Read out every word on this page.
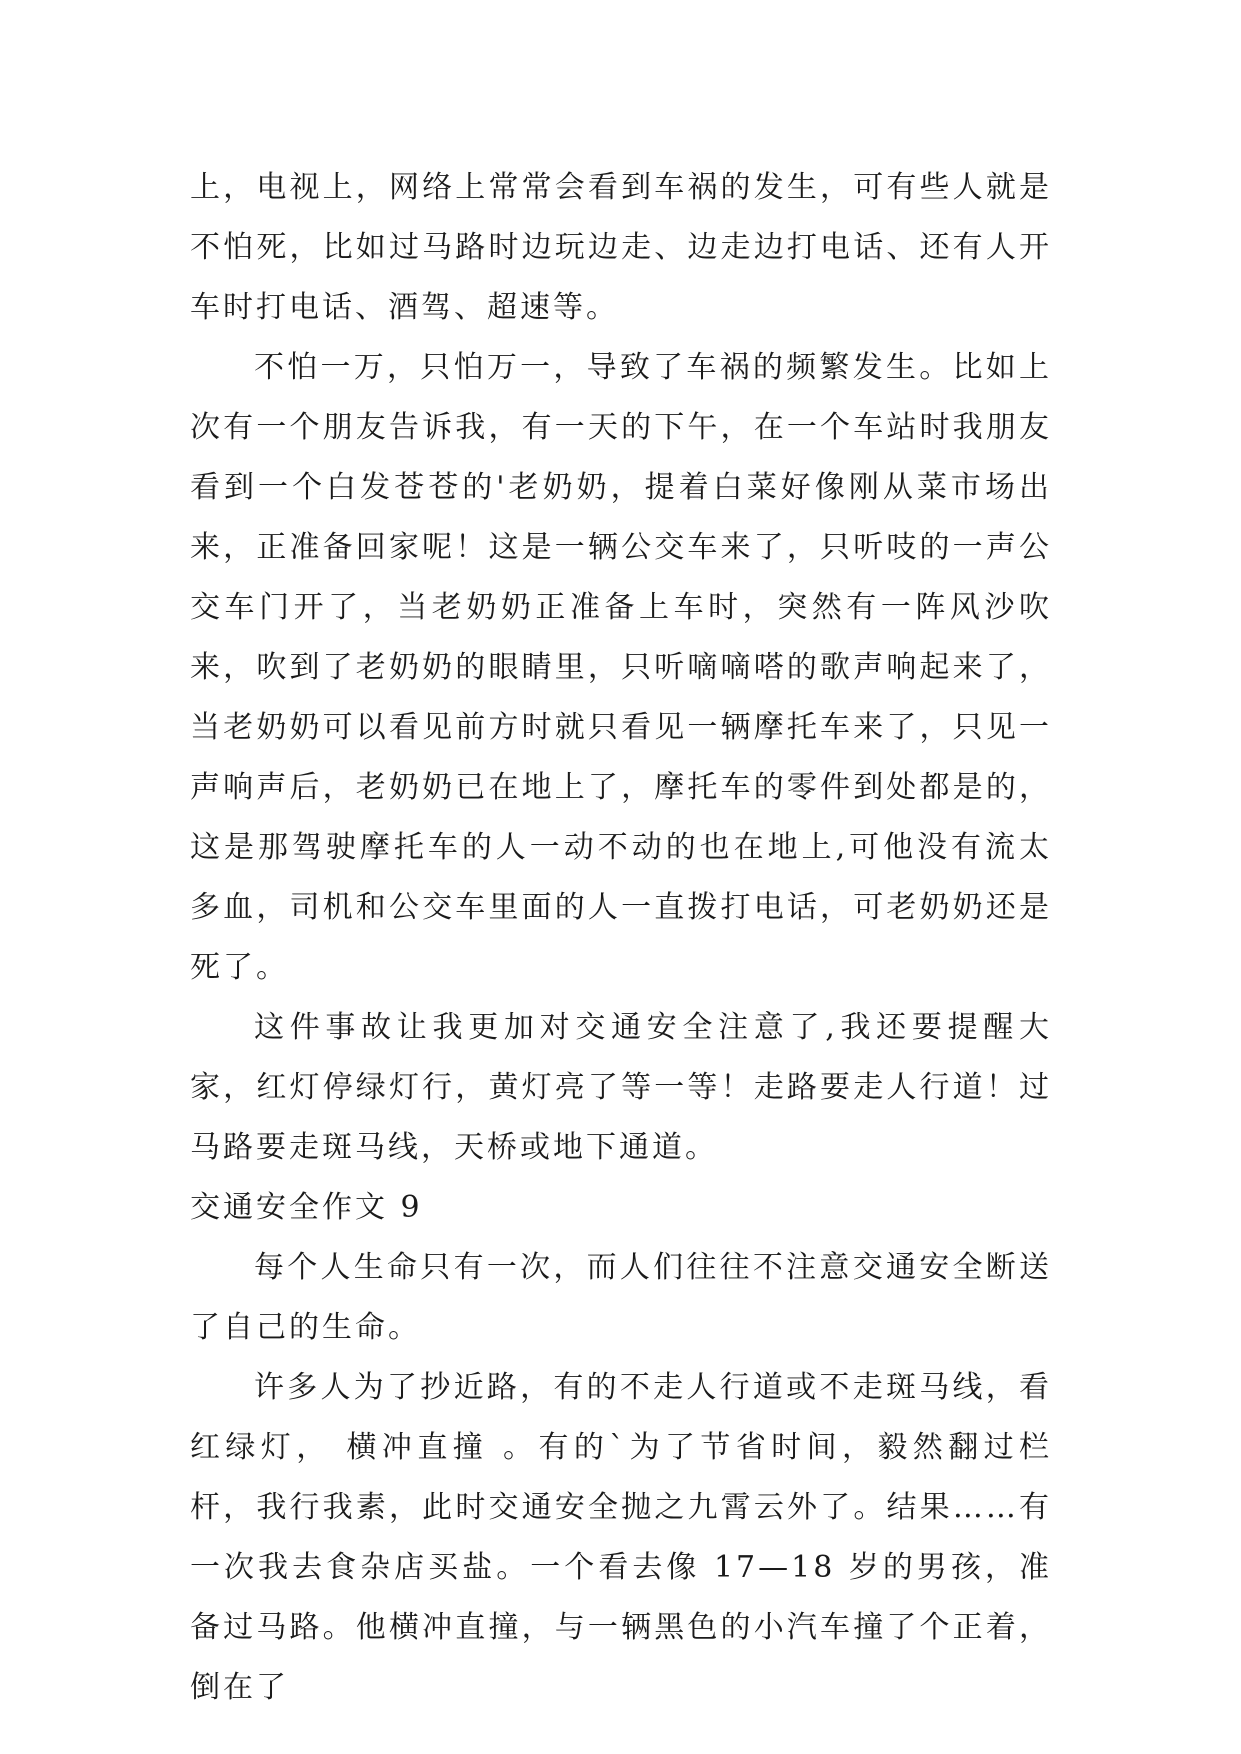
上，电视上，网络上常常会看到车祸的发生，可有些人就是不怕死，比如过马路时边玩边走、边走边打电话、还有人开车时打电话、酒驾、超速等。

不怕一万，只怕万一，导致了车祸的频繁发生。比如上次有一个朋友告诉我，有一天的下午，在一个车站时我朋友看到一个白发苍苍的'老奶奶，提着白菜好像刚从菜市场出来，正准备回家呢！这是一辆公交车来了，只听吱的一声公交车门开了，当老奶奶正准备上车时，突然有一阵风沙吹来，吹到了老奶奶的眼睛里，只听嘀嘀嗒的歌声响起来了，当老奶奶可以看见前方时就只看见一辆摩托车来了，只见一声响声后，老奶奶已在地上了，摩托车的零件到处都是的，这是那驾驶摩托车的人一动不动的也在地上,可他没有流太多血，司机和公交车里面的人一直拨打电话，可老奶奶还是死了。

这件事故让我更加对交通安全注意了,我还要提醒大家，红灯停绿灯行，黄灯亮了等一等！走路要走人行道！过马路要走斑马线，天桥或地下通道。

交通安全作文 9

每个人生命只有一次，而人们往往不注意交通安全断送了自己的生命。

许多人为了抄近路，有的不走人行道或不走斑马线，看红绿灯， 横冲直撞 。有的`为了节省时间，毅然翻过栏杆，我行我素，此时交通安全抛之九霄云外了。结果……有一次我去食杂店买盐。一个看去像 17—18 岁的男孩，准备过马路。他横冲直撞，与一辆黑色的小汽车撞了个正着，倒在了
